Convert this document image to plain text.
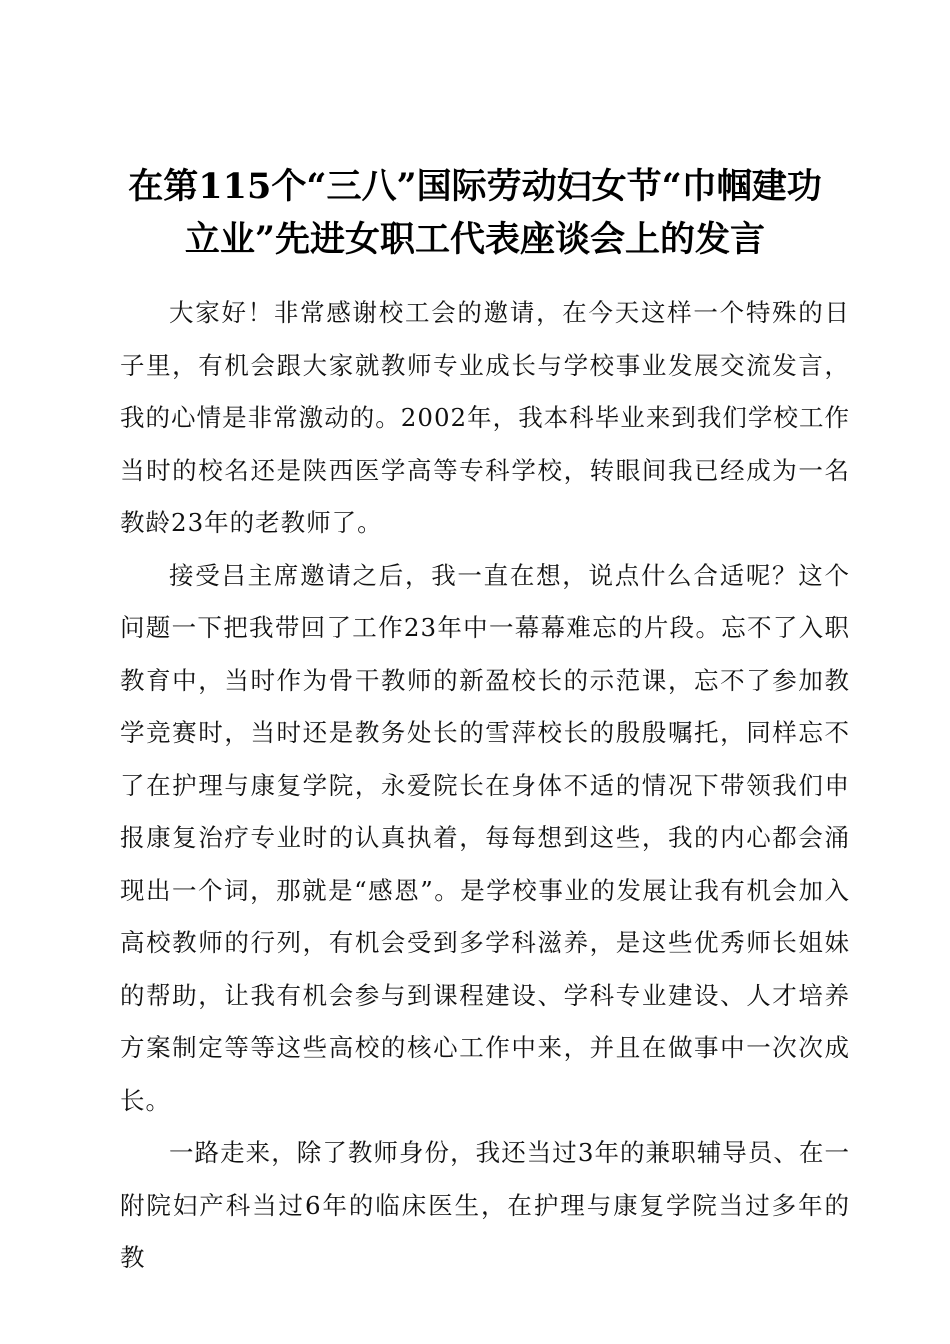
在第115个“三八”国际劳动妇女节“巾帼建功
立业”先进女职工代表座谈会上的发言

大家好！非常感谢校工会的邀请，在今天这样一个特殊的日子里，有机会跟大家就教师专业成长与学校事业发展交流发言，我的心情是非常激动的。2002年，我本科毕业来到我们学校工作当时的校名还是陕西医学高等专科学校，转眼间我已经成为一名教龄23年的老教师了。

接受吕主席邀请之后，我一直在想，说点什么合适呢？这个问题一下把我带回了工作23年中一幕幕难忘的片段。忘不了入职教育中，当时作为骨干教师的新盈校长的示范课，忘不了参加教学竞赛时，当时还是教务处长的雪萍校长的殷殷嘱托，同样忘不了在护理与康复学院，永爱院长在身体不适的情况下带领我们申报康复治疗专业时的认真执着，每每想到这些，我的内心都会涌现出一个词，那就是“感恩”。是学校事业的发展让我有机会加入高校教师的行列，有机会受到多学科滋养，是这些优秀师长姐妹的帮助，让我有机会参与到课程建设、学科专业建设、人才培养方案制定等等这些高校的核心工作中来，并且在做事中一次次成长。

一路走来，除了教师身份，我还当过3年的兼职辅导员、在一附院妇产科当过6年的临床医生，在护理与康复学院当过多年的教
